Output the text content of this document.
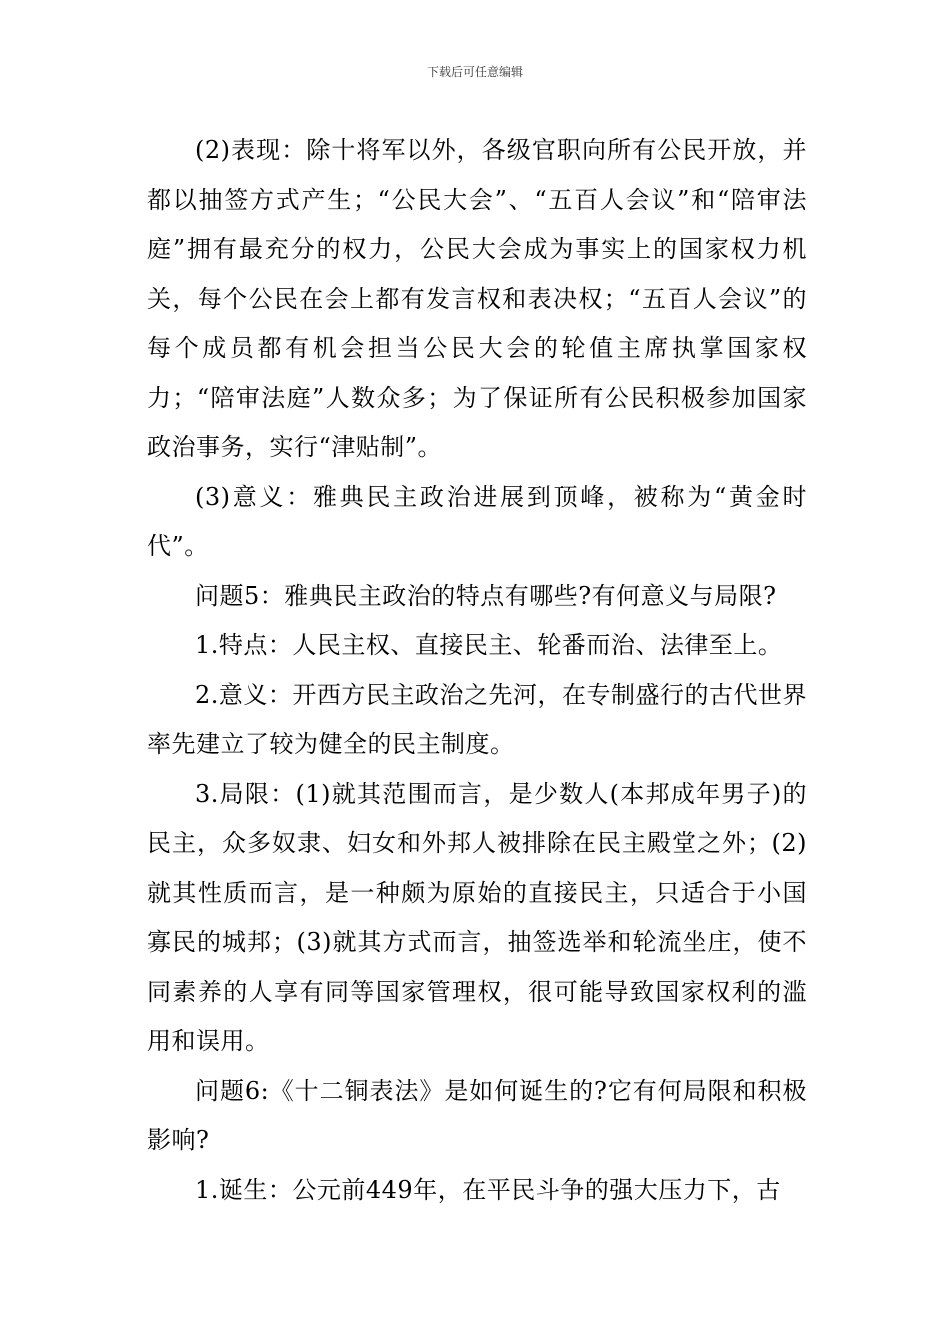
下载后可任意编辑

(2)表现：除十将军以外，各级官职向所有公民开放，并都以抽签方式产生；“公民大会”、“五百人会议”和“陪审法庭”拥有最充分的权力，公民大会成为事实上的国家权力机关，每个公民在会上都有发言权和表决权；“五百人会议”的每个成员都有机会担当公民大会的轮值主席执掌国家权力；“陪审法庭”人数众多；为了保证所有公民积极参加国家政治事务，实行“津贴制”。

(3)意义：雅典民主政治进展到顶峰，被称为“黄金时代”。

问题5：雅典民主政治的特点有哪些?有何意义与局限?

1.特点：人民主权、直接民主、轮番而治、法律至上。

2.意义：开西方民主政治之先河，在专制盛行的古代世界率先建立了较为健全的民主制度。

3.局限：(1)就其范围而言，是少数人(本邦成年男子)的民主，众多奴隶、妇女和外邦人被排除在民主殿堂之外；(2)就其性质而言，是一种颇为原始的直接民主，只适合于小国寡民的城邦；(3)就其方式而言，抽签选举和轮流坐庄，使不同素养的人享有同等国家管理权，很可能导致国家权利的滥用和误用。

问题6:《十二铜表法》是如何诞生的?它有何局限和积极影响?

1.诞生：公元前449年，在平民斗争的强大压力下，古
